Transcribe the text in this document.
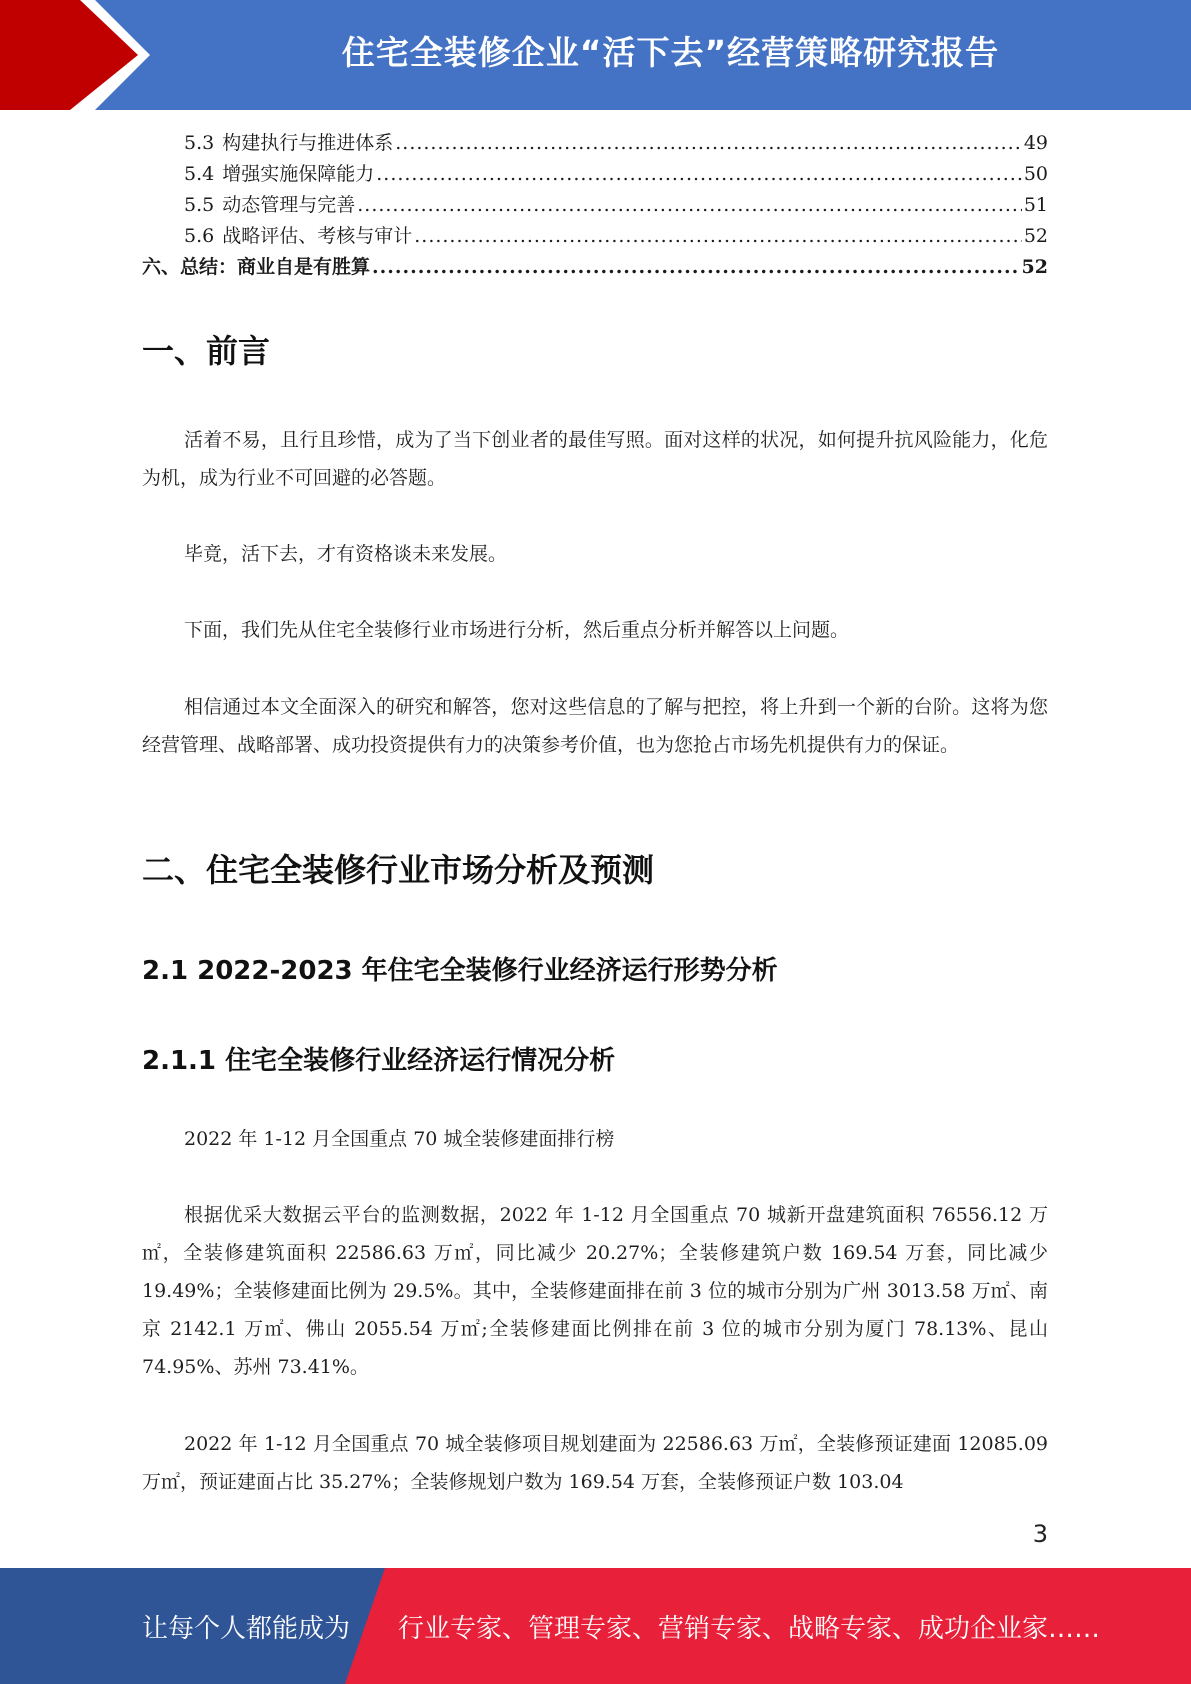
住宅全装修企业“活下去”经营策略研究报告
5.3 构建执行与推进体系 .....	49
5.4 增强实施保障能力 .....	50
5.5 动态管理与完善 .....	51
5.6 战略评估、考核与审计 .....	52
六、总结：商业自是有胜算 .....	52
一、前言

活着不易，且行且珍惜，成为了当下创业者的最佳写照。面对这样的状况，如何提升抗风险能力，化危为机，成为行业不可回避的必答题。

毕竟，活下去，才有资格谈未来发展。

下面，我们先从住宅全装修行业市场进行分析，然后重点分析并解答以上问题。

相信通过本文全面深入的研究和解答，您对这些信息的了解与把控，将上升到一个新的台阶。这将为您经营管理、战略部署、成功投资提供有力的决策参考价值，也为您抢占市场先机提供有力的保证。

二、住宅全装修行业市场分析及预测
2.1 2022-2023 年住宅全装修行业经济运行形势分析
2.1.1 住宅全装修行业经济运行情况分析

2022 年 1-12 月全国重点 70 城全装修建面排行榜

根据优采大数据云平台的监测数据，2022 年 1-12 月全国重点 70 城新开盘建筑面积 76556.12 万㎡，全装修建筑面积 22586.63 万㎡，同比减少 20.27%；全装修建筑户数 169.54 万套，同比减少 19.49%；全装修建面比例为 29.5%。其中，全装修建面排在前 3 位的城市分别为广州 3013.58 万㎡、南京 2142.1 万㎡、佛山 2055.54 万㎡;全装修建面比例排在前 3 位的城市分别为厦门 78.13%、昆山 74.95%、苏州 73.41%。

2022 年 1-12 月全国重点 70 城全装修项目规划建面为 22586.63 万㎡，全装修预证建面 12085.09 万㎡，预证建面占比 35.27%；全装修规划户数为 169.54 万套，全装修预证户数 103.04

3
让每个人都能成为 行业专家、管理专家、营销专家、战略专家、成功企业家……
